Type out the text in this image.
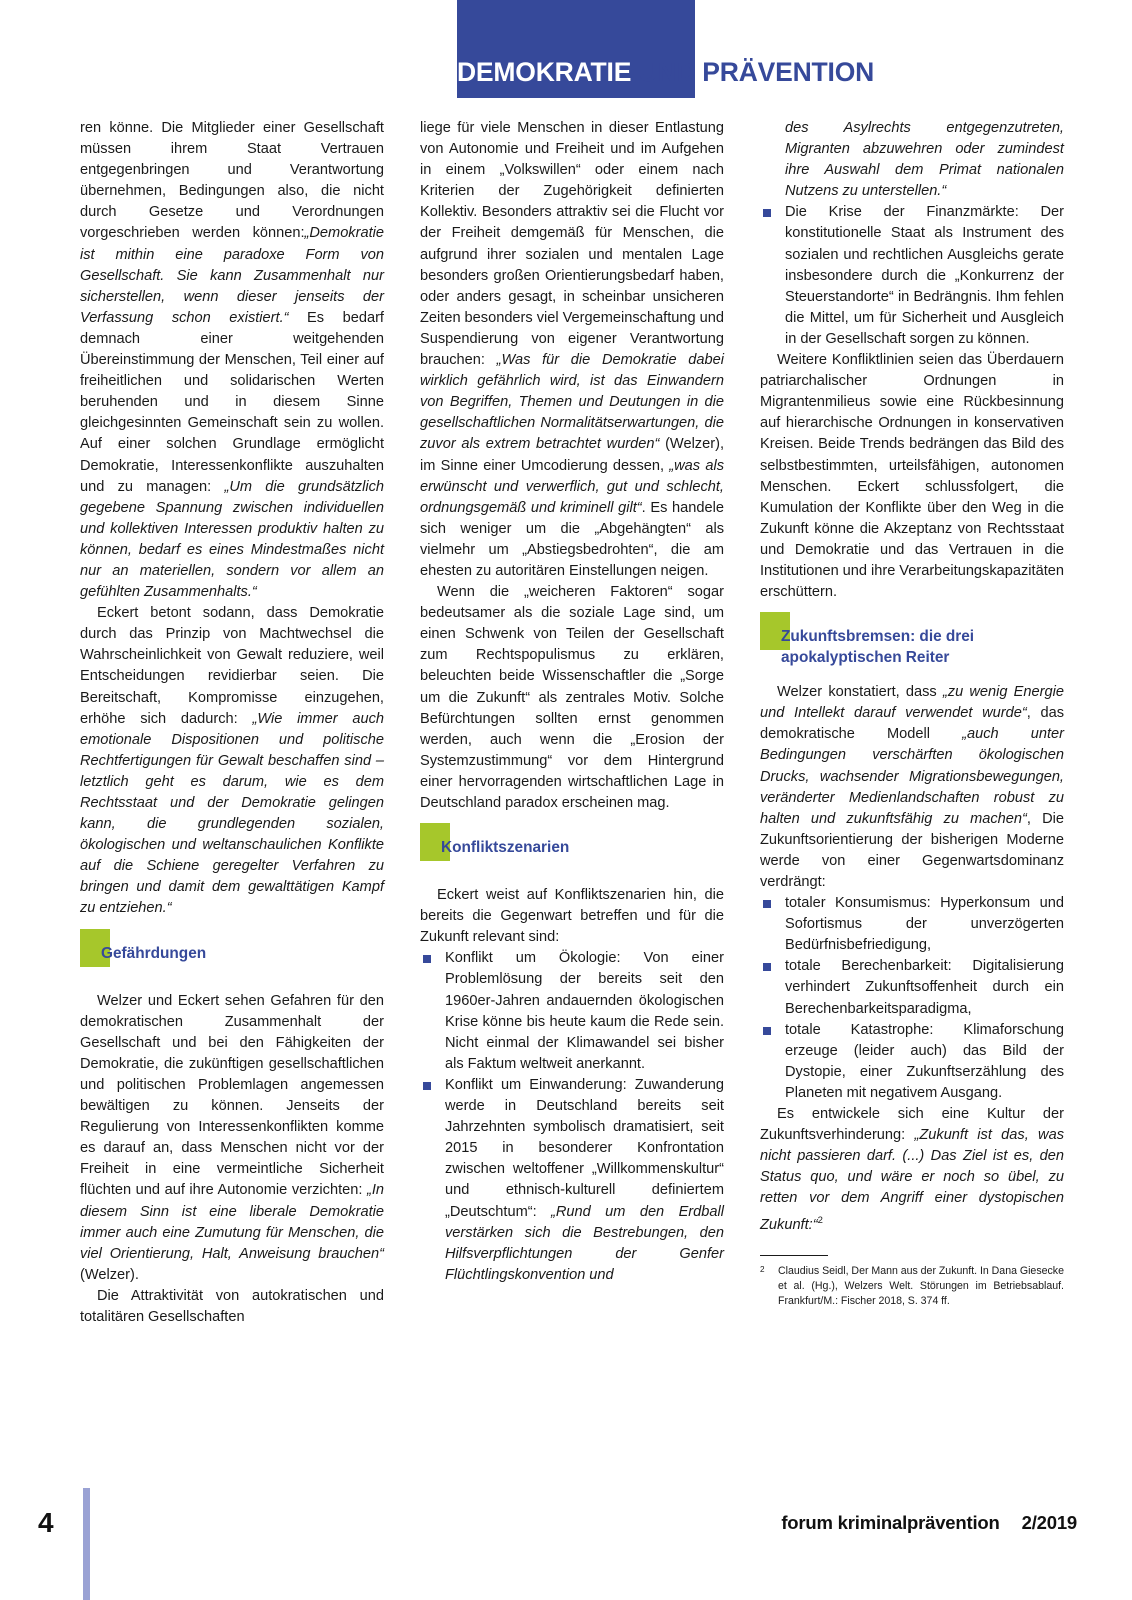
DEMOKRATIE UND PRÄVENTION

ren könne. Die Mitglieder einer Gesellschaft müssen ihrem Staat Vertrauen entgegenbringen und Verantwortung übernehmen, Bedingungen also, die nicht durch Gesetze und Verordnungen vorgeschrieben werden können:„Demokratie ist mithin eine paradoxe Form von Gesellschaft. Sie kann Zusammenhalt nur sicherstellen, wenn dieser jenseits der Verfassung schon existiert.“ Es bedarf demnach einer weitgehenden Übereinstimmung der Menschen, Teil einer auf freiheitlichen und solidarischen Werten beruhenden und in diesem Sinne gleichgesinnten Gemeinschaft sein zu wollen. Auf einer solchen Grundlage ermöglicht Demokratie, Interessenkonflikte auszuhalten und zu managen: „Um die grundsätzlich gegebene Spannung zwischen individuellen und kollektiven Interessen produktiv halten zu können, bedarf es eines Mindestmaßes nicht nur an materiellen, sondern vor allem an gefühlten Zusammenhalts.“

Eckert betont sodann, dass Demokratie durch das Prinzip von Machtwechsel die Wahrscheinlichkeit von Gewalt reduziere, weil Entscheidungen revidierbar seien. Die Bereitschaft, Kompromisse einzugehen, erhöhe sich dadurch: „Wie immer auch emotionale Dispositionen und politische Rechtfertigungen für Gewalt beschaffen sind – letztlich geht es darum, wie es dem Rechtsstaat und der Demokratie gelingen kann, die grundlegenden sozialen, ökologischen und weltanschaulichen Konflikte auf die Schiene geregelter Verfahren zu bringen und damit dem gewalttätigen Kampf zu entziehen.“

Gefährdungen

Welzer und Eckert sehen Gefahren für den demokratischen Zusammenhalt der Gesellschaft und bei den Fähigkeiten der Demokratie, die zukünftigen gesellschaftlichen und politischen Problemlagen angemessen bewältigen zu können. Jenseits der Regulierung von Interessenkonflikten komme es darauf an, dass Menschen nicht vor der Freiheit in eine vermeintliche Sicherheit flüchten und auf ihre Autonomie verzichten: „In diesem Sinn ist eine liberale Demokratie immer auch eine Zumutung für Menschen, die viel Orientierung, Halt, Anweisung brauchen“ (Welzer).

Die Attraktivität von autokratischen und totalitären Gesellschaften

liege für viele Menschen in dieser Entlastung von Autonomie und Freiheit und im Aufgehen in einem „Volkswillen“ oder einem nach Kriterien der Zugehörigkeit definierten Kollektiv. Besonders attraktiv sei die Flucht vor der Freiheit demgemäß für Menschen, die aufgrund ihrer sozialen und mentalen Lage besonders großen Orientierungsbedarf haben, oder anders gesagt, in scheinbar unsicheren Zeiten besonders viel Vergemeinschaftung und Suspendierung von eigener Verantwortung brauchen: „Was für die Demokratie dabei wirklich gefährlich wird, ist das Einwandern von Begriffen, Themen und Deutungen in die gesellschaftlichen Normalitätserwartungen, die zuvor als extrem betrachtet wurden“ (Welzer), im Sinne einer Umcodierung dessen, „was als erwünscht und verwerflich, gut und schlecht, ordnungsgemäß und kriminell gilt“. Es handele sich weniger um die „Abgehängten“ als vielmehr um „Abstiegsbedrohten“, die am ehesten zu autoritären Einstellungen neigen.

Wenn die „weicheren Faktoren“ sogar bedeutsamer als die soziale Lage sind, um einen Schwenk von Teilen der Gesellschaft zum Rechtspopulismus zu erklären, beleuchten beide Wissenschaftler die „Sorge um die Zukunft“ als zentrales Motiv. Solche Befürchtungen sollten ernst genommen werden, auch wenn die „Erosion der Systemzustimmung“ vor dem Hintergrund einer hervorragenden wirtschaftlichen Lage in Deutschland paradox erscheinen mag.

Konfliktszenarien

Eckert weist auf Konfliktszenarien hin, die bereits die Gegenwart betreffen und für die Zukunft relevant sind:

Konflikt um Ökologie: Von einer Problemlösung der bereits seit den 1960er-Jahren andauernden ökologischen Krise könne bis heute kaum die Rede sein. Nicht einmal der Klimawandel sei bisher als Faktum weltweit anerkannt.
Konflikt um Einwanderung: Zuwanderung werde in Deutschland bereits seit Jahrzehnten symbolisch dramatisiert, seit 2015 in besonderer Konfrontation zwischen weltoffener „Willkommenskultur“ und ethnisch-kulturell definiertem „Deutschtum“: „Rund um den Erdball verstärken sich die Bestrebungen, den Hilfsverpflichtungen der Genfer Flüchtlingskonvention und
des Asylrechts entgegenzutreten, Migranten abzuwehren oder zumindest ihre Auswahl dem Primat nationalen Nutzens zu unterstellen.“
Die Krise der Finanzmärkte: Der konstitutionelle Staat als Instrument des sozialen und rechtlichen Ausgleichs gerate insbesondere durch die „Konkurrenz der Steuerstandorte“ in Bedrängnis. Ihm fehlen die Mittel, um für Sicherheit und Ausgleich in der Gesellschaft sorgen zu können.

Weitere Konfliktlinien seien das Überdauern patriarchalischer Ordnungen in Migrantenmilieus sowie eine Rückbesinnung auf hierarchische Ordnungen in konservativen Kreisen. Beide Trends bedrängen das Bild des selbstbestimmten, urteilsfähigen, autonomen Menschen. Eckert schlussfolgert, die Kumulation der Konflikte über den Weg in die Zukunft könne die Akzeptanz von Rechtsstaat und Demokratie und das Vertrauen in die Institutionen und ihre Verarbeitungskapazitäten erschüttern.

Zukunftsbremsen: die drei apokalyptischen Reiter

Welzer konstatiert, dass „zu wenig Energie und Intellekt darauf verwendet wurde“, das demokratische Modell „auch unter Bedingungen verschärften ökologischen Drucks, wachsender Migrationsbewegungen, veränderter Medienlandschaften robust zu halten und zukunftsfähig zu machen“, Die Zukunftsorientierung der bisherigen Moderne werde von einer Gegenwartsdominanz verdrängt:

totaler Konsumismus: Hyperkonsum und Sofortismus der unverzögerten Bedürfnisbefriedigung,
totale Berechenbarkeit: Digitalisierung verhindert Zukunftsoffenheit durch ein Berechenbarkeitsparadigma,
totale Katastrophe: Klimaforschung erzeuge (leider auch) das Bild der Dystopie, einer Zukunftserzählung des Planeten mit negativem Ausgang.

Es entwickele sich eine Kultur der Zukunftsverhinderung: „Zukunft ist das, was nicht passieren darf. (...) Das Ziel ist es, den Status quo, und wäre er noch so übel, zu retten vor dem Angriff einer dystopischen Zukunft:“$^2$

2 Claudius Seidl, Der Mann aus der Zukunft. In Dana Giesecke et al. (Hg.), Welzers Welt. Störungen im Betriebsablauf. Frankfurt/M.: Fischer 2018, S. 374 ff.
4	forum kriminalprävention 2/2019
